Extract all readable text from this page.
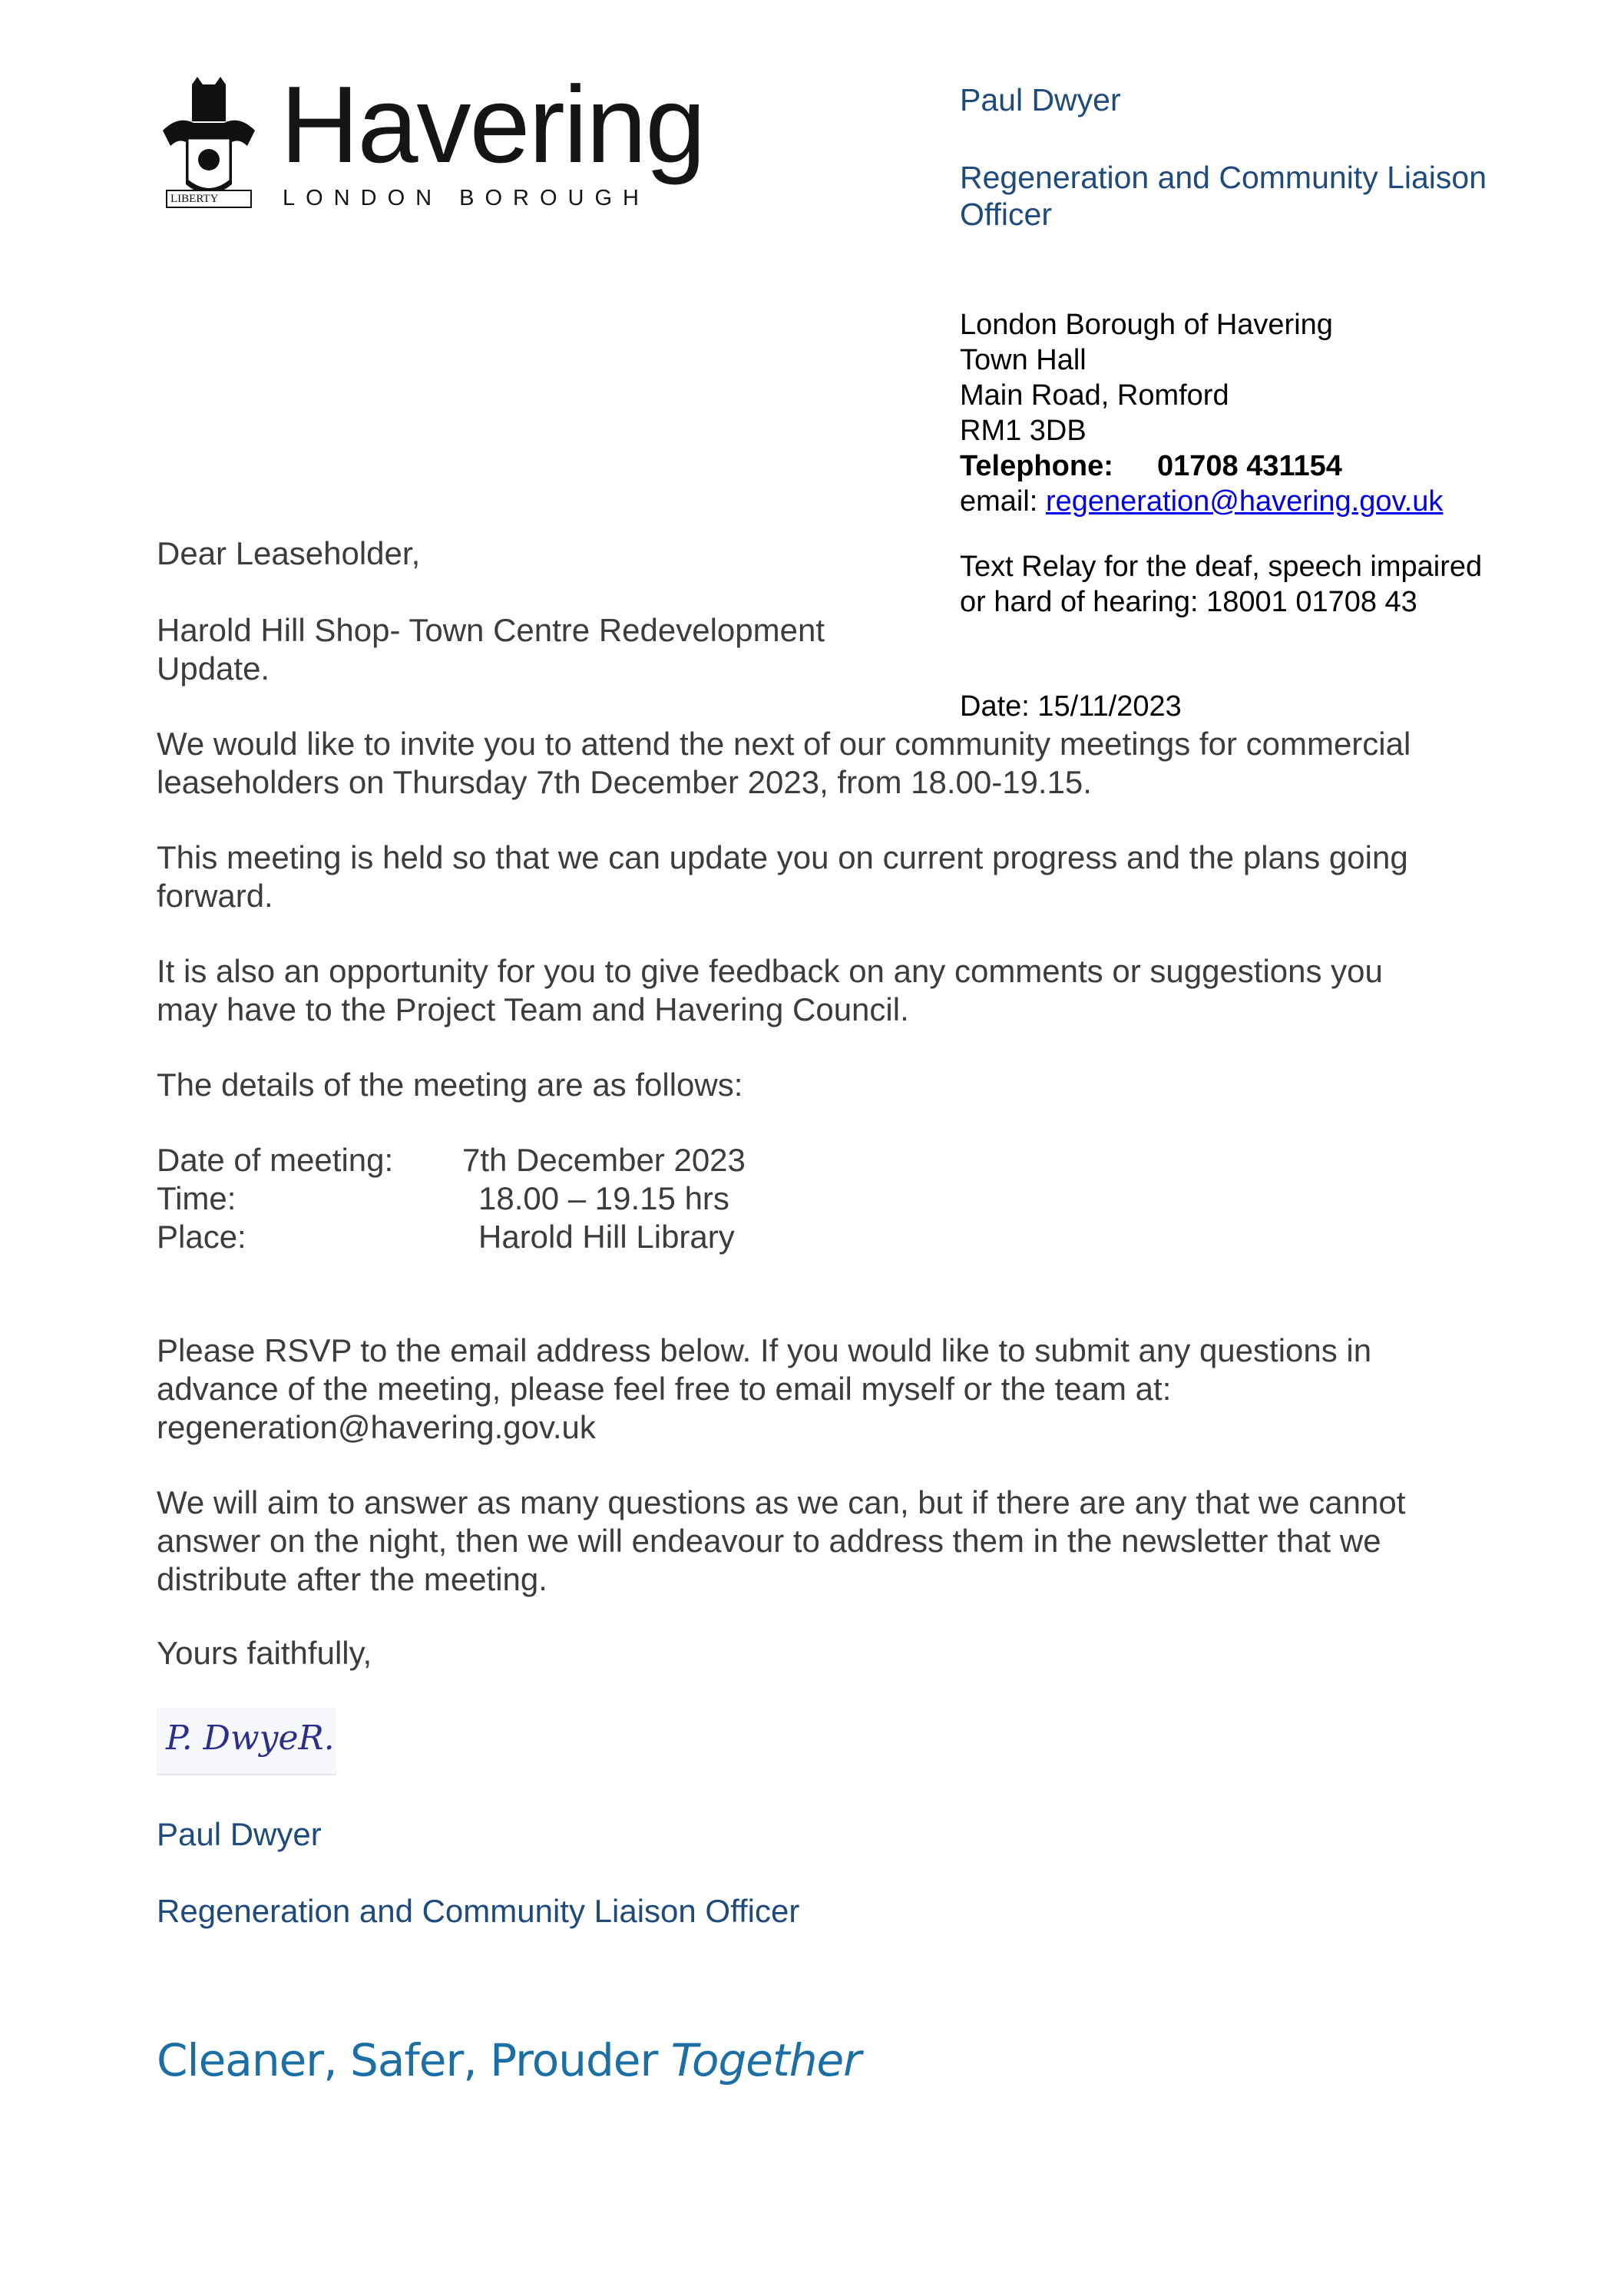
LIBERTY
Havering
LONDON BOROUGH
Paul Dwyer
Regeneration and Community Liaison
Officer
London Borough of Havering
Town Hall
Main Road, Romford
RM1 3DB
Telephone: 01708 431154
email: regeneration@havering.gov.uk
Text Relay for the deaf, speech impaired
or hard of hearing: 18001 01708 43
Date: 15/11/2023
Dear Leaseholder,
Harold Hill Shop- Town Centre Redevelopment
Update.
We would like to invite you to attend the next of our community meetings for commercial
leaseholders on Thursday 7th December 2023, from 18.00-19.15.
This meeting is held so that we can update you on current progress and the plans going
forward.
It is also an opportunity for you to give feedback on any comments or suggestions you
may have to the Project Team and Havering Council.
The details of the meeting are as follows:
Date of meeting:	7th December 2023
Time:	18.00 – 19.15 hrs
Place:	Harold Hill Library
Please RSVP to the email address below. If you would like to submit any questions in
advance of the meeting, please feel free to email myself or the team at:
regeneration@havering.gov.uk
We will aim to answer as many questions as we can, but if there are any that we cannot
answer on the night, then we will endeavour to address them in the newsletter that we
distribute after the meeting.
Yours faithfully,
P. DwyeR.
Paul Dwyer
Regeneration and Community Liaison Officer
Cleaner, Safer, Prouder Together
